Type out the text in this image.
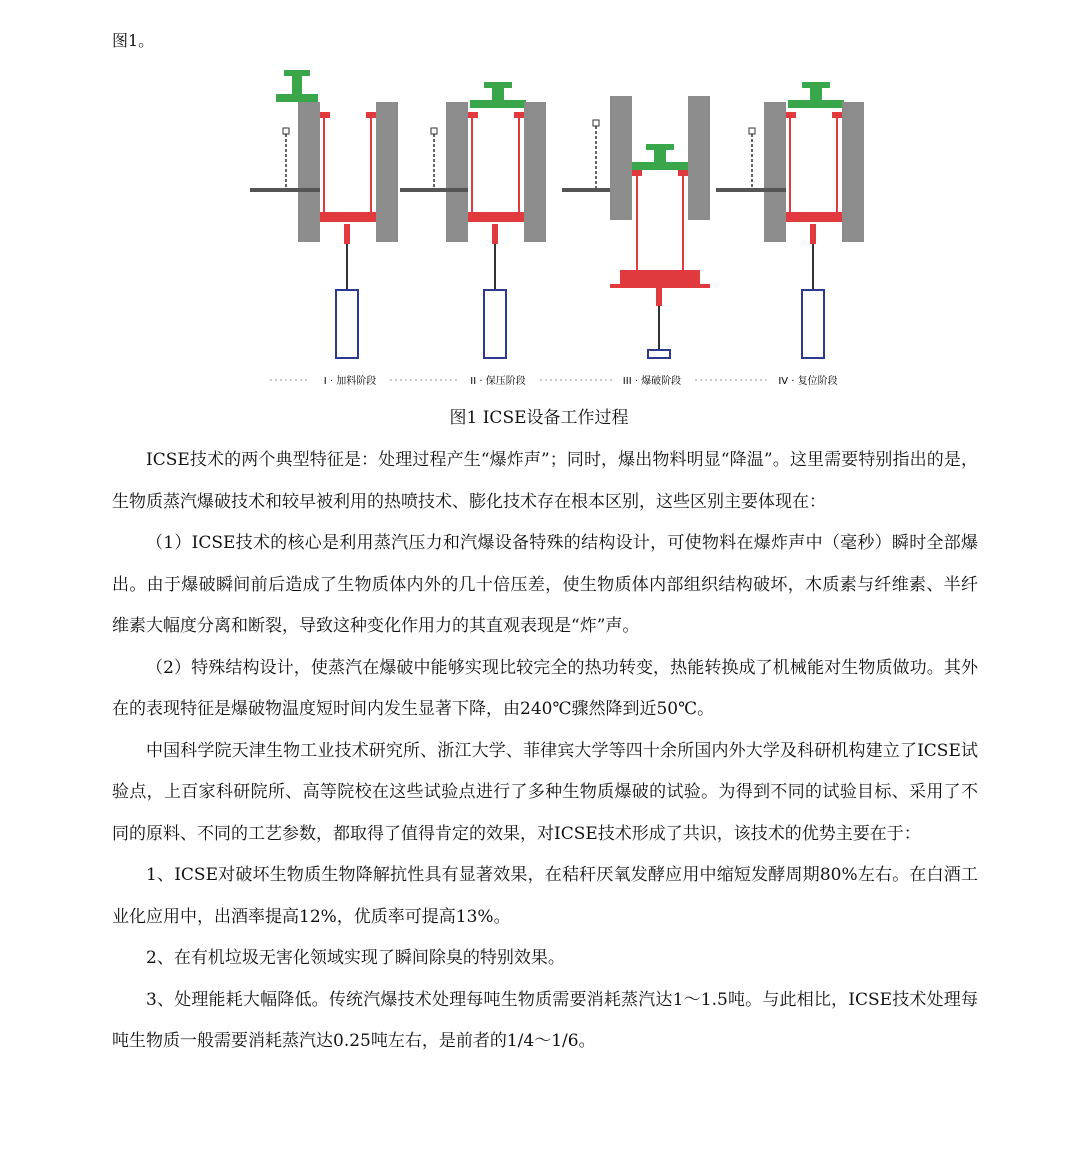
图1。
I · 加料阶段	II · 保压阶段	III · 爆破阶段	IV · 复位阶段
图1 ICSE设备工作过程

ICSE技术的两个典型特征是：处理过程产生“爆炸声”；同时，爆出物料明显“降温”。这里需要特别指出的是，生物质蒸汽爆破技术和较早被利用的热喷技术、膨化技术存在根本区别，这些区别主要体现在：

（1）ICSE技术的核心是利用蒸汽压力和汽爆设备特殊的结构设计，可使物料在爆炸声中（毫秒）瞬时全部爆出。由于爆破瞬间前后造成了生物质体内外的几十倍压差，使生物质体内部组织结构破坏，木质素与纤维素、半纤维素大幅度分离和断裂，导致这种变化作用力的其直观表现是“炸”声。

（2）特殊结构设计，使蒸汽在爆破中能够实现比较完全的热功转变，热能转换成了机械能对生物质做功。其外在的表现特征是爆破物温度短时间内发生显著下降，由240℃骤然降到近50℃。

中国科学院天津生物工业技术研究所、浙江大学、菲律宾大学等四十余所国内外大学及科研机构建立了ICSE试验点，上百家科研院所、高等院校在这些试验点进行了多种生物质爆破的试验。为得到不同的试验目标、采用了不同的原料、不同的工艺参数，都取得了值得肯定的效果，对ICSE技术形成了共识，该技术的优势主要在于：

1、ICSE对破坏生物质生物降解抗性具有显著效果，在秸秆厌氧发酵应用中缩短发酵周期80%左右。在白酒工业化应用中，出酒率提高12%，优质率可提高13%。

2、在有机垃圾无害化领域实现了瞬间除臭的特别效果。

3、处理能耗大幅降低。传统汽爆技术处理每吨生物质需要消耗蒸汽达1～1.5吨。与此相比，ICSE技术处理每吨生物质一般需要消耗蒸汽达0.25吨左右，是前者的1/4～1/6。
